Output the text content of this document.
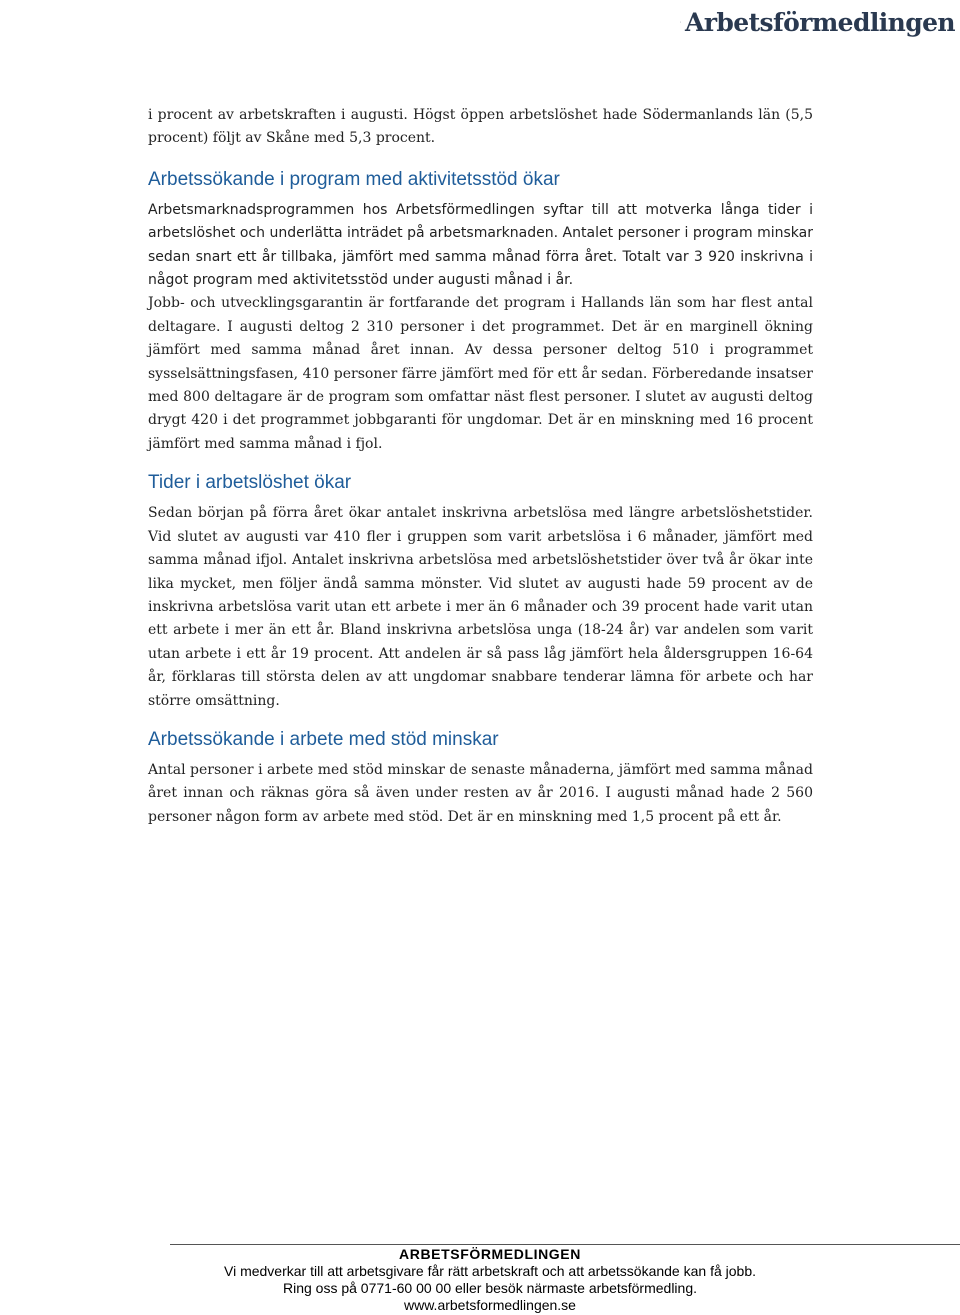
Arbetsförmedlingen

i procent av arbetskraften i augusti. Högst öppen arbetslöshet hade Södermanlands län (5,5 procent) följt av Skåne med 5,3 procent.

Arbetssökande i program med aktivitetsstöd ökar

Arbetsmarknadsprogrammen hos Arbetsförmedlingen syftar till att motverka långa tider i arbetslöshet och underlätta inträdet på arbetsmarknaden. Antalet personer i program minskar sedan snart ett år tillbaka, jämfört med samma månad förra året. Totalt var 3 920 inskrivna i något program med aktivitetsstöd under augusti månad i år.

Jobb- och utvecklingsgarantin är fortfarande det program i Hallands län som har flest antal deltagare. I augusti deltog 2 310 personer i det programmet. Det är en marginell ökning jämfört med samma månad året innan. Av dessa personer deltog 510 i programmet sysselsättningsfasen, 410 personer färre jämfört med för ett år sedan. Förberedande insatser med 800 deltagare är de program som omfattar näst flest personer. I slutet av augusti deltog drygt 420 i det programmet jobbgaranti för ungdomar. Det är en minskning med 16 procent jämfört med samma månad i fjol.

Tider i arbetslöshet ökar

Sedan början på förra året ökar antalet inskrivna arbetslösa med längre arbetslöshetstider. Vid slutet av augusti var 410 fler i gruppen som varit arbetslösa i 6 månader, jämfört med samma månad ifjol. Antalet inskrivna arbetslösa med arbetslöshetstider över två år ökar inte lika mycket, men följer ändå samma mönster. Vid slutet av augusti hade 59 procent av de inskrivna arbetslösa varit utan ett arbete i mer än 6 månader och 39 procent hade varit utan ett arbete i mer än ett år. Bland inskrivna arbetslösa unga (18-24 år) var andelen som varit utan arbete i ett år 19 procent. Att andelen är så pass låg jämfört hela åldersgruppen 16-64 år, förklaras till största delen av att ungdomar snabbare tenderar lämna för arbete och har större omsättning.

Arbetssökande i arbete med stöd minskar

Antal personer i arbete med stöd minskar de senaste månaderna, jämfört med samma månad året innan och räknas göra så även under resten av år 2016. I augusti månad hade 2 560 personer någon form av arbete med stöd. Det är en minskning med 1,5 procent på ett år.

ARBETSFÖRMEDLINGEN
Vi medverkar till att arbetsgivare får rätt arbetskraft och att arbetssökande kan få jobb.
Ring oss på 0771-60 00 00 eller besök närmaste arbetsförmedling.
www.arbetsformedlingen.se
